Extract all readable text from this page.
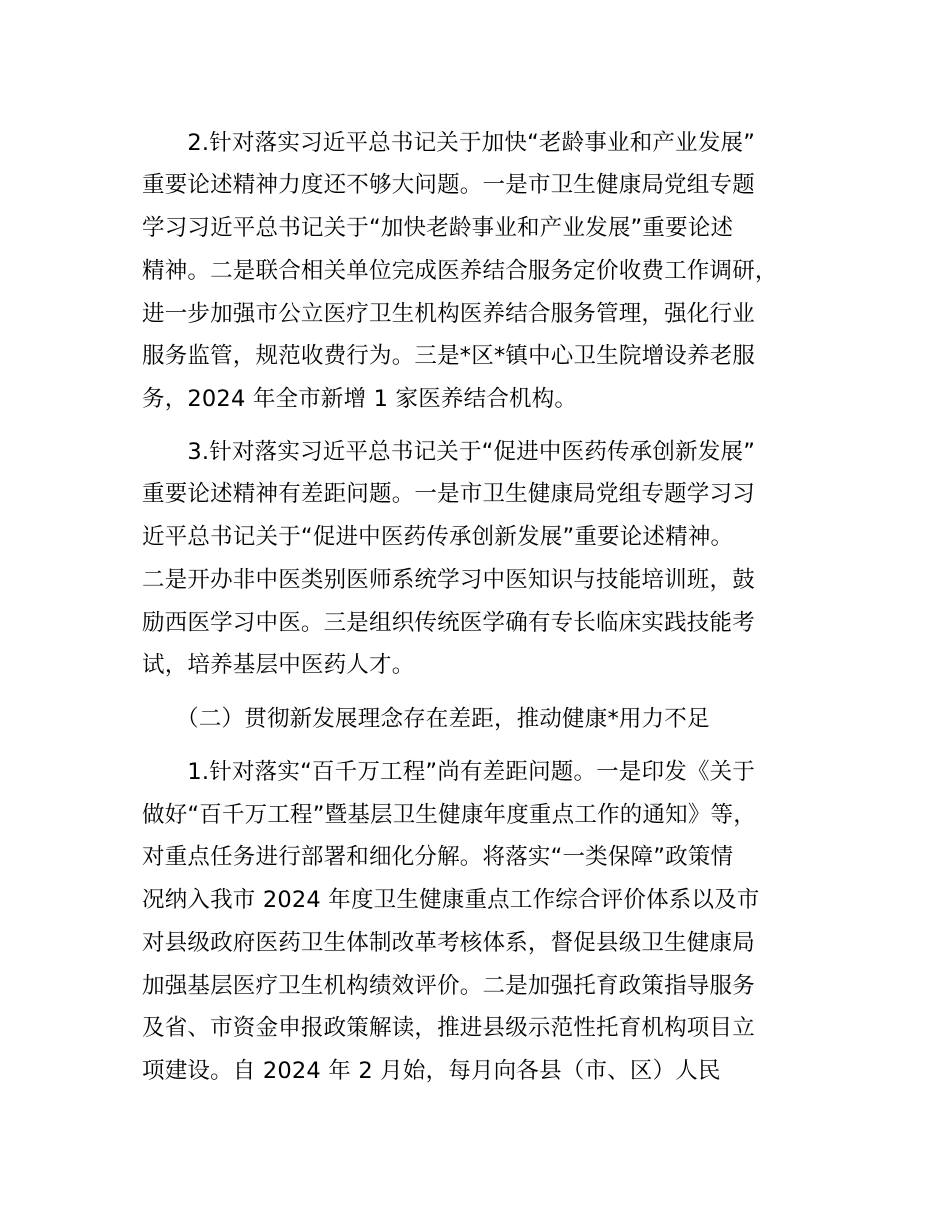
　　2.针对落实习近平总书记关于加快“老龄事业和产业发展”
重要论述精神力度还不够大问题。一是市卫生健康局党组专题
学习习近平总书记关于“加快老龄事业和产业发展”重要论述
精神。二是联合相关单位完成医养结合服务定价收费工作调研，
进一步加强市公立医疗卫生机构医养结合服务管理，强化行业
服务监管，规范收费行为。三是*区*镇中心卫生院增设养老服
务，2024 年全市新增 1 家医养结合机构。
　　3.针对落实习近平总书记关于“促进中医药传承创新发展”
重要论述精神有差距问题。一是市卫生健康局党组专题学习习
近平总书记关于“促进中医药传承创新发展”重要论述精神。
二是开办非中医类别医师系统学习中医知识与技能培训班，鼓
励西医学习中医。三是组织传统医学确有专长临床实践技能考
试，培养基层中医药人才。
　　（二）贯彻新发展理念存在差距，推动健康*用力不足
　　1.针对落实“百千万工程”尚有差距问题。一是印发《关于
做好“百千万工程”暨基层卫生健康年度重点工作的通知》等，
对重点任务进行部署和细化分解。将落实“一类保障”政策情
况纳入我市 2024 年度卫生健康重点工作综合评价体系以及市
对县级政府医药卫生体制改革考核体系，督促县级卫生健康局
加强基层医疗卫生机构绩效评价。二是加强托育政策指导服务
及省、市资金申报政策解读，推进县级示范性托育机构项目立
项建设。自 2024 年 2 月始，每月向各县（市、区）人民
